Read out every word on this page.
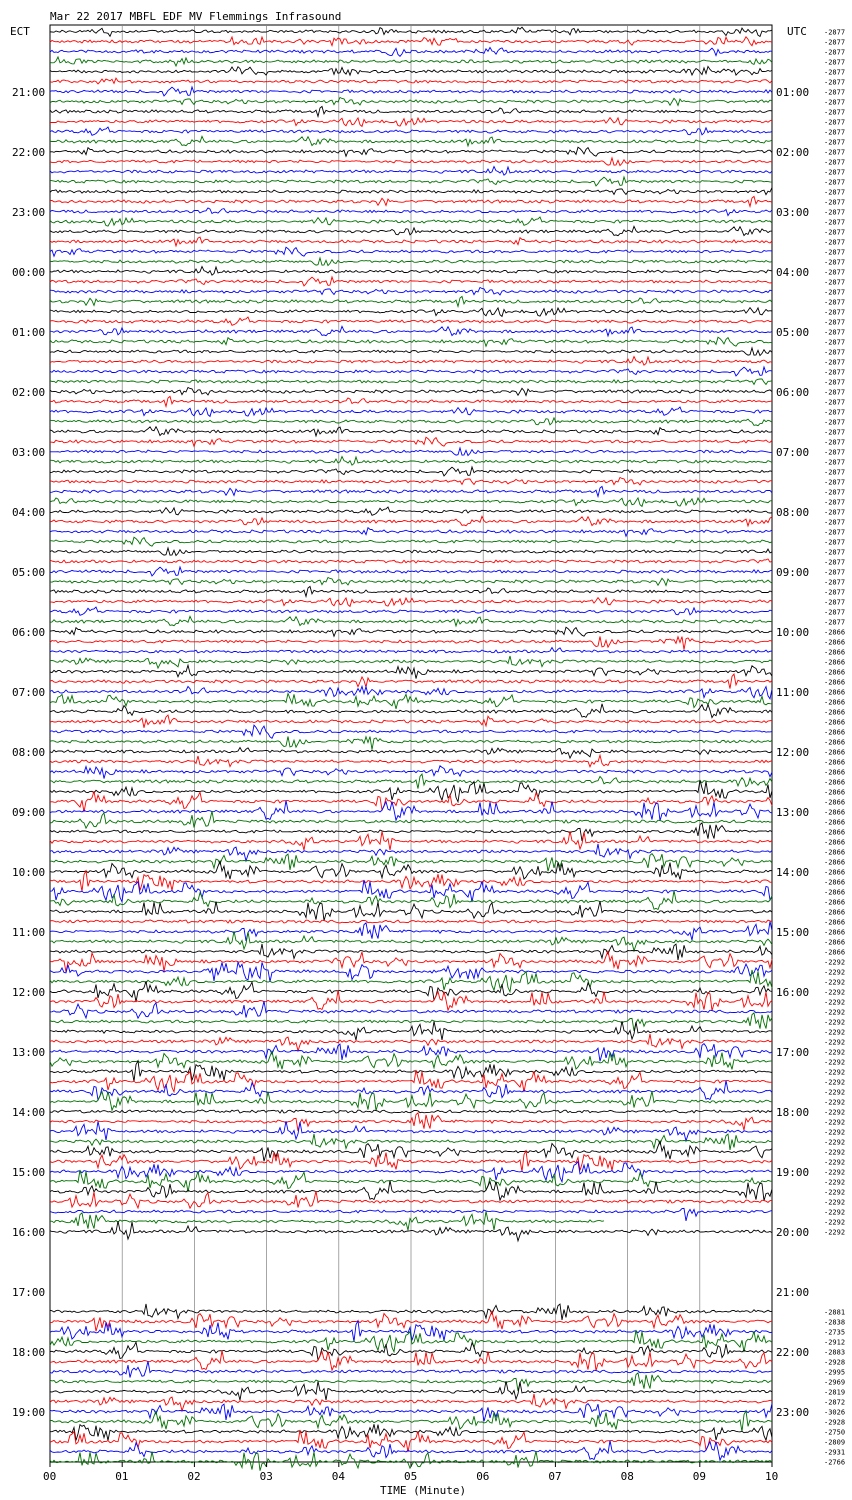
Mar 22 2017 MBFL EDF MV Flemmings Infrasound
ECT	UTC
TIME (Minute)
00	01	02	03	04	05	06	07	08	09	10
21:00
22:00
23:00
00:00
01:00
02:00
03:00
04:00
05:00
06:00
07:00
08:00
09:00
10:00
11:00
12:00
13:00
14:00
15:00
16:00
17:00
18:00
19:00
01:00
02:00
03:00
04:00
05:00
06:00
07:00
08:00
09:00
10:00
11:00
12:00
13:00
14:00
15:00
16:00
17:00
18:00
19:00
20:00
21:00
22:00
23:00
-2877
-2877
-2877
-2877
-2877
-2877
-2877
-2877
-2877
-2877
-2877
-2877
-2877
-2877
-2877
-2877
-2877
-2877
-2877
-2877
-2877
-2877
-2877
-2877
-2877
-2877
-2877
-2877
-2877
-2877
-2877
-2877
-2877
-2877
-2877
-2877
-2877
-2877
-2877
-2877
-2877
-2877
-2877
-2877
-2877
-2877
-2877
-2877
-2877
-2877
-2877
-2877
-2877
-2877
-2877
-2877
-2877
-2877
-2877
-2877
-2866
-2866
-2866
-2866
-2866
-2866
-2866
-2866
-2866
-2866
-2866
-2866
-2866
-2866
-2866
-2866
-2866
-2866
-2866
-2866
-2866
-2866
-2866
-2866
-2866
-2866
-2866
-2866
-2866
-2866
-2866
-2866
-2866
-2292
-2292
-2292
-2292
-2292
-2292
-2292
-2292
-2292
-2292
-2292
-2292
-2292
-2292
-2292
-2292
-2292
-2292
-2292
-2292
-2292
-2292
-2292
-2292
-2292
-2292
-2292
-2292
-2881
-2838
-2735
-2912
-2883
-2928
-2995
-2969
-2819
-2872
-3026
-2928
-2750
-2809
-2931
-2766
